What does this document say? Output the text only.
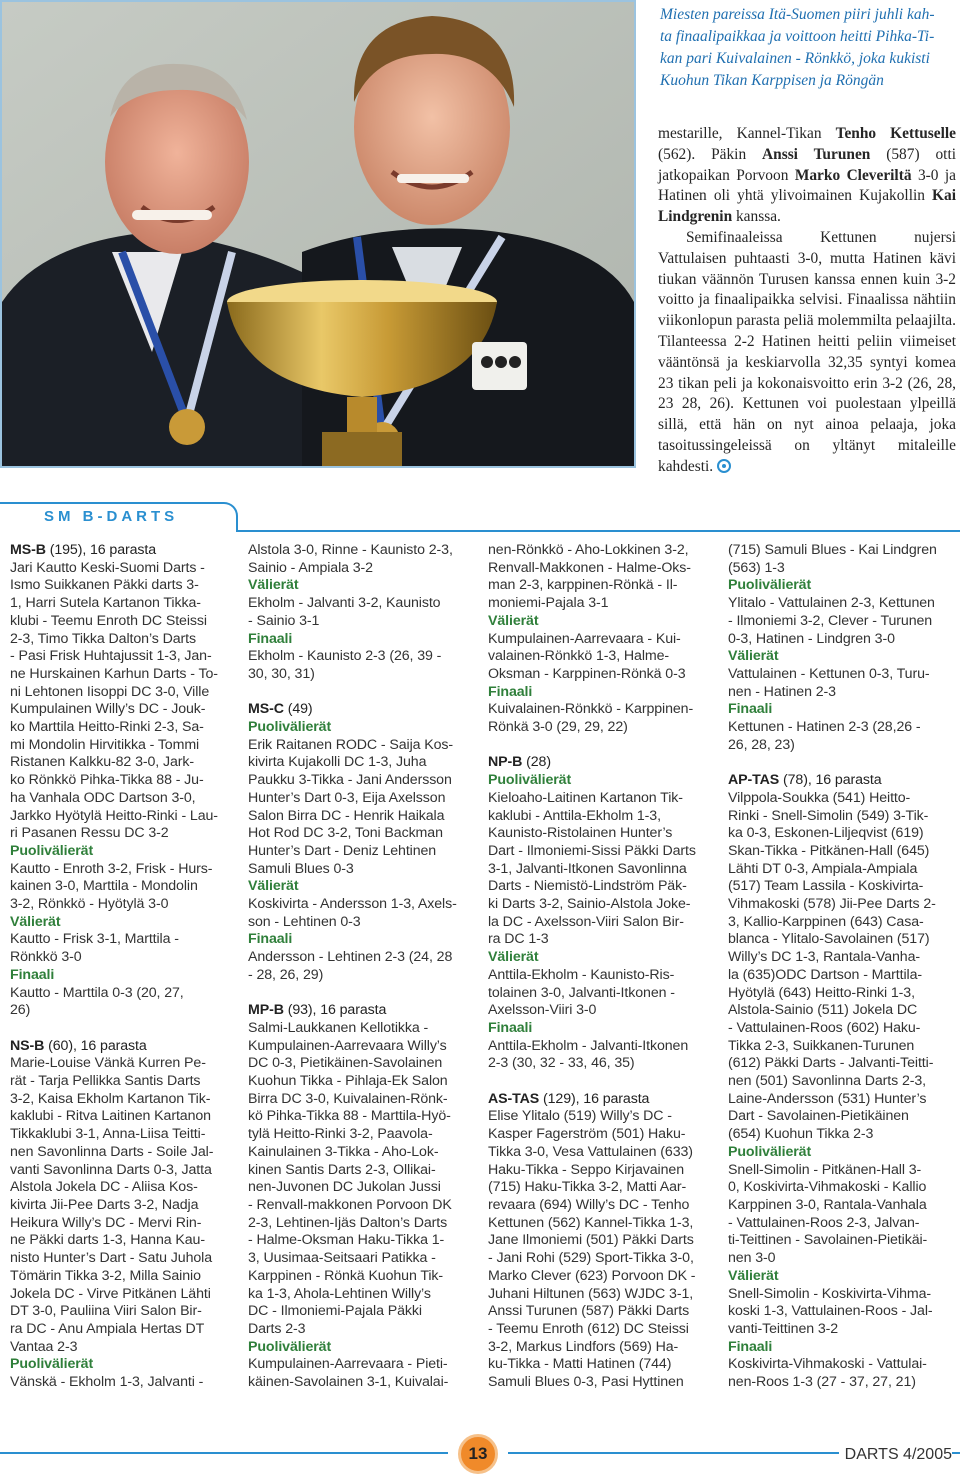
Miesten pareissa Itä-Suomen piiri juhli kah-
ta finaalipaikkaa ja voittoon heitti Pihka-Ti-
kan pari Kuivalainen - Rönkkö, joka kukisti
Kuohun Tikan Karppisen ja Röngän

mestarille, Kannel-Tikan Tenho Kettuselle (562). Päkin Anssi Turunen (587) otti jatkopaikan Porvoon Marko Cleveriltä 3-0 ja Hatinen oli yhtä ylivoimainen Kujakollin Kai Lindgrenin kanssa.

Semifinaaleissa Kettunen nujersi Vattulaisen puhtaasti 3-0, mutta Hatinen kävi tiukan väännön Turusen kanssa ennen kuin 3-2 voitto ja finaalipaikka selvisi. Finaalissa nähtiin viikonlopun parasta peliä molemmilta pelaajilta. Tilanteessa 2-2 Hatinen heitti peliin viimeiset vääntönsä ja keskiarvolla 32,35 syntyi komea 23 tikan peli ja kokonaisvoitto erin 3-2 (26, 28, 23 28, 26). Kettunen voi puolestaan ylpeillä sillä, että hän on nyt ainoa pelaaja, joka tasoitussingeleissä on yltänyt mitaleille kahdesti.

SM B-DARTS
MS-B (195), 16 parasta
Jari Kautto Keski-Suomi Darts -
Ismo Suikkanen Päkki darts 3-
1, Harri Sutela Kartanon Tikka-
klubi - Teemu Enroth DC Steissi
2-3, Timo Tikka Dalton’s Darts
- Pasi Frisk Huhtajussit 1-3, Jan-
ne Hurskainen Karhun Darts - To-
ni Lehtonen Iisoppi DC 3-0, Ville
Kumpulainen Willy’s DC - Jouk-
ko Marttila Heitto-Rinki 2-3, Sa-
mi Mondolin Hirvitikka - Tommi
Ristanen Kalkku-82 3-0, Jark-
ko Rönkkö Pihka-Tikka 88 - Ju-
ha Vanhala ODC Dartson 3-0,
Jarkko Hyötylä Heitto-Rinki - Lau-
ri Pasanen Ressu DC 3-2
Puolivälierät
Kautto - Enroth 3-2, Frisk - Hurs-
kainen 3-0, Marttila - Mondolin
3-2, Rönkkö - Hyötylä 3-0
Välierät
Kautto - Frisk 3-1, Marttila -
Rönkkö 3-0
Finaali
Kautto - Marttila 0-3 (20, 27,
26)
NS-B (60), 16 parasta
Marie-Louise Vänkä Kurren Pe-
rät - Tarja Pellikka Santis Darts
3-2, Kaisa Ekholm Kartanon Tik-
kaklubi - Ritva Laitinen Kartanon
Tikkaklubi 3-1, Anna-Liisa Teitti-
nen Savonlinna Darts - Soile Jal-
vanti Savonlinna Darts 0-3, Jatta
Alstola Jokela DC - Aliisa Kos-
kivirta Jii-Pee Darts 3-2, Nadja
Heikura Willy’s DC - Mervi Rin-
ne Päkki darts 1-3, Hanna Kau-
nisto Hunter’s Dart - Satu Juhola
Tömärin Tikka 3-2, Milla Sainio
Jokela DC - Virve Pitkänen Lähti
DT 3-0, Pauliina Viiri Salon Bir-
ra DC - Anu Ampiala Hertas DT
Vantaa 2-3
Puolivälierät
Vänskä - Ekholm 1-3, Jalvanti -
Alstola 3-0, Rinne - Kaunisto 2-3,
Sainio - Ampiala 3-2
Välierät
Ekholm - Jalvanti 3-2, Kaunisto
- Sainio 3-1
Finaali
Ekholm - Kaunisto 2-3 (26, 39 -
30, 30, 31)
MS-C (49)
Puolivälierät
Erik Raitanen RODC - Saija Kos-
kivirta Kujakolli DC 1-3, Juha
Paukku 3-Tikka - Jani Andersson
Hunter’s Dart 0-3, Eija Axelsson
Salon Birra DC - Henrik Haikala
Hot Rod DC 3-2, Toni Backman
Hunter’s Dart - Deniz Lehtinen
Samuli Blues 0-3
Välierät
Koskivirta - Andersson 1-3, Axels-
son - Lehtinen 0-3
Finaali
Andersson - Lehtinen 2-3 (24, 28
- 28, 26, 29)
MP-B (93), 16 parasta
Salmi-Laukkanen Kellotikka -
Kumpulainen-Aarrevaara Willy’s
DC 0-3, Pietikäinen-Savolainen
Kuohun Tikka - Pihlaja-Ek Salon
Birra DC 3-0, Kuivalainen-Rönk-
kö Pihka-Tikka 88 - Marttila-Hyö-
tylä Heitto-Rinki 3-2, Paavola-
Kainulainen 3-Tikka - Aho-Lok-
kinen Santis Darts 2-3, Ollikai-
nen-Juvonen DC Jukolan Jussi
- Renvall-makkonen Porvoon DK
2-3, Lehtinen-Ijäs Dalton’s Darts
- Halme-Oksman Haku-Tikka 1-
3, Uusimaa-Seitsaari Patikka -
Karppinen - Rönkä Kuohun Tik-
ka 1-3, Ahola-Lehtinen Willy’s
DC - Ilmoniemi-Pajala Päkki
Darts 2-3
Puolivälierät
Kumpulainen-Aarrevaara - Pieti-
käinen-Savolainen 3-1, Kuivalai-
nen-Rönkkö - Aho-Lokkinen 3-2,
Renvall-Makkonen - Halme-Oks-
man 2-3, karppinen-Rönkä - Il-
moniemi-Pajala 3-1
Välierät
Kumpulainen-Aarrevaara - Kui-
valainen-Rönkkö 1-3, Halme-
Oksman - Karppinen-Rönkä 0-3
Finaali
Kuivalainen-Rönkkö - Karppinen-
Rönkä 3-0 (29, 29, 22)
NP-B (28)
Puolivälierät
Kieloaho-Laitinen Kartanon Tik-
kaklubi - Anttila-Ekholm 1-3,
Kaunisto-Ristolainen Hunter’s
Dart - Ilmoniemi-Sissi Päkki Darts
3-1, Jalvanti-Itkonen Savonlinna
Darts - Niemistö-Lindström Päk-
ki Darts 3-2, Sainio-Alstola Joke-
la DC - Axelsson-Viiri Salon Bir-
ra DC 1-3
Välierät
Anttila-Ekholm - Kaunisto-Ris-
tolainen 3-0, Jalvanti-Itkonen -
Axelsson-Viiri 3-0
Finaali
Anttila-Ekholm - Jalvanti-Itkonen
2-3 (30, 32 - 33, 46, 35)
AS-TAS (129), 16 parasta
Elise Ylitalo (519) Willy’s DC -
Kasper Fagerström (501) Haku-
Tikka 3-0, Vesa Vattulainen (633)
Haku-Tikka - Seppo Kirjavainen
(715) Haku-Tikka 3-2, Matti Aar-
revaara (694) Willy’s DC - Tenho
Kettunen (562) Kannel-Tikka 1-3,
Jane Ilmoniemi (501) Päkki Darts
- Jani Rohi (529) Sport-Tikka 3-0,
Marko Clever (623) Porvoon DK -
Juhani Hiltunen (563) WJDC 3-1,
Anssi Turunen (587) Päkki Darts
- Teemu Enroth (612) DC Steissi
3-2, Markus Lindfors (569) Ha-
ku-Tikka - Matti Hatinen (744)
Samuli Blues 0-3, Pasi Hyttinen
(715) Samuli Blues - Kai Lindgren
(563) 1-3
Puolivälierät
Ylitalo - Vattulainen 2-3, Kettunen
- Ilmoniemi 3-2, Clever - Turunen
0-3, Hatinen - Lindgren 3-0
Välierät
Vattulainen - Kettunen 0-3, Turu-
nen - Hatinen 2-3
Finaali
Kettunen - Hatinen 2-3 (28,26 -
26, 28, 23)
AP-TAS (78), 16 parasta
Vilppola-Soukka (541) Heitto-
Rinki - Snell-Simolin (549) 3-Tik-
ka 0-3, Eskonen-Liljeqvist (619)
Skan-Tikka - Pitkänen-Hall (645)
Lähti DT 0-3, Ampiala-Ampiala
(517) Team Lassila - Koskivirta-
Vihmakoski (578) Jii-Pee Darts 2-
3, Kallio-Karppinen (643) Casa-
blanca - Ylitalo-Savolainen (517)
Willy’s DC 1-3, Rantala-Vanha-
la (635)ODC Dartson - Marttila-
Hyötylä (643) Heitto-Rinki 1-3,
Alstola-Sainio (511) Jokela DC
- Vattulainen-Roos (602) Haku-
Tikka 2-3, Suikkanen-Turunen
(612) Päkki Darts - Jalvanti-Teitti-
nen (501) Savonlinna Darts 2-3,
Laine-Andersson (531) Hunter’s
Dart - Savolainen-Pietikäinen
(654) Kuohun Tikka 2-3
Puolivälierät
Snell-Simolin - Pitkänen-Hall 3-
0, Koskivirta-Vihmakoski - Kallio
Karppinen 3-0, Rantala-Vanhala
- Vattulainen-Roos 2-3, Jalvan-
ti-Teittinen - Savolainen-Pietikäi-
nen 3-0
Välierät
Snell-Simolin - Koskivirta-Vihma-
koski 1-3, Vattulainen-Roos - Jal-
vanti-Teittinen 3-2
Finaali
Koskivirta-Vihmakoski - Vattulai-
nen-Roos 1-3 (27 - 37, 27, 21)
13	DARTS 4/2005
